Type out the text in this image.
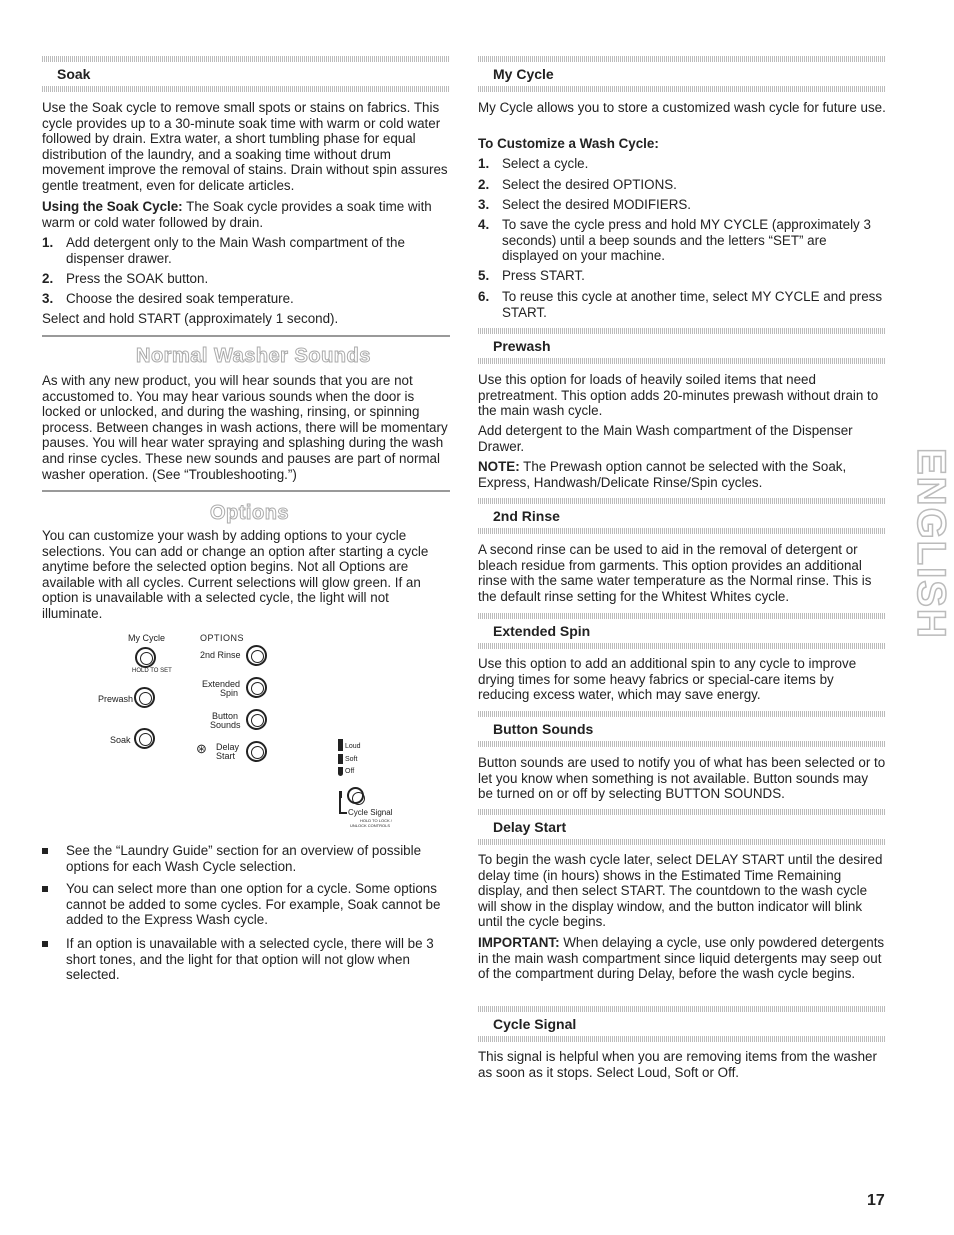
Soak

Use the Soak cycle to remove small spots or stains on fabrics. This cycle provides up to a 30-minute soak time with warm or cold water followed by drain. Extra water, a short tumbling phase for equal distribution of the laundry, and a soaking time without drum movement improve the removal of stains. Drain without spin assures gentle treatment, even for delicate articles.

Using the Soak Cycle: The Soak cycle provides a soak time with warm or cold water followed by drain.

1. Add detergent only to the Main Wash compartment of the dispenser drawer.
2. Press the SOAK button.
3. Choose the desired soak temperature.

Select and hold START (approximately 1 second).

Normal Washer Sounds

As with any new product, you will hear sounds that you are not accustomed to. You may hear various sounds when the door is locked or unlocked, and during the washing, rinsing, or spinning process. Between changes in wash actions, there will be momentary pauses. You will hear water spraying and splashing during the wash and rinse cycles. These new sounds and pauses are part of normal washer operation. (See “Troubleshooting.”)

Options

You can customize your wash by adding options to your cycle selections. You can add or change an option after starting a cycle anytime before the selected option begins. Not all Options are available with all cycles. Current selections will glow green. If an option is unavailable with a selected cycle, the light will not illuminate.

My Cycle
HOLD TO SET
Prewash
Soak
OPTIONS
2nd Rinse
Extended
Spin
Button
Sounds
⊛ Delay
Start
Loud
Soft
Off
Cycle Signal
HOLD TO LOCK /
UNLOCK CONTROLS
See the “Laundry Guide” section for an overview of possible options for each Wash Cycle selection.
You can select more than one option for a cycle. Some options cannot be added to some cycles. For example, Soak cannot be added to the Express Wash cycle.
If an option is unavailable with a selected cycle, there will be 3 short tones, and the light for that option will not glow when selected.
My Cycle

My Cycle allows you to store a customized wash cycle for future use.

To Customize a Wash Cycle:

1. Select a cycle.
2. Select the desired OPTIONS.
3. Select the desired MODIFIERS.
4. To save the cycle press and hold MY CYCLE (approximately 3 seconds) until a beep sounds and the letters “SET” are displayed on your machine.
5. Press START.
6. To reuse this cycle at another time, select MY CYCLE and press START.
Prewash

Use this option for loads of heavily soiled items that need pretreatment. This option adds 20-minutes prewash without drain to the main wash cycle.

Add detergent to the Main Wash compartment of the Dispenser Drawer.

NOTE: The Prewash option cannot be selected with the Soak, Express, Handwash/Delicate Rinse/Spin cycles.

2nd Rinse

A second rinse can be used to aid in the removal of detergent or bleach residue from garments. This option provides an additional rinse with the same water temperature as the Normal rinse. This is the default rinse setting for the Whitest Whites cycle.

Extended Spin

Use this option to add an additional spin to any cycle to improve drying times for some heavy fabrics or special-care items by reducing excess water, which may save energy.

Button Sounds

Button sounds are used to notify you of what has been selected or to let you know when something is not available. Button sounds may be turned on or off by selecting BUTTON SOUNDS.

Delay Start

To begin the wash cycle later, select DELAY START until the desired delay time (in hours) shows in the Estimated Time Remaining display, and then select START. The countdown to the wash cycle will show in the display window, and the button indicator will blink until the cycle begins.

IMPORTANT: When delaying a cycle, use only powdered detergents in the main wash compartment since liquid detergents may seep out of the compartment during Delay, before the wash cycle begins.

Cycle Signal

This signal is helpful when you are removing items from the washer as soon as it stops. Select Loud, Soft or Off.

ENGLISH
17
